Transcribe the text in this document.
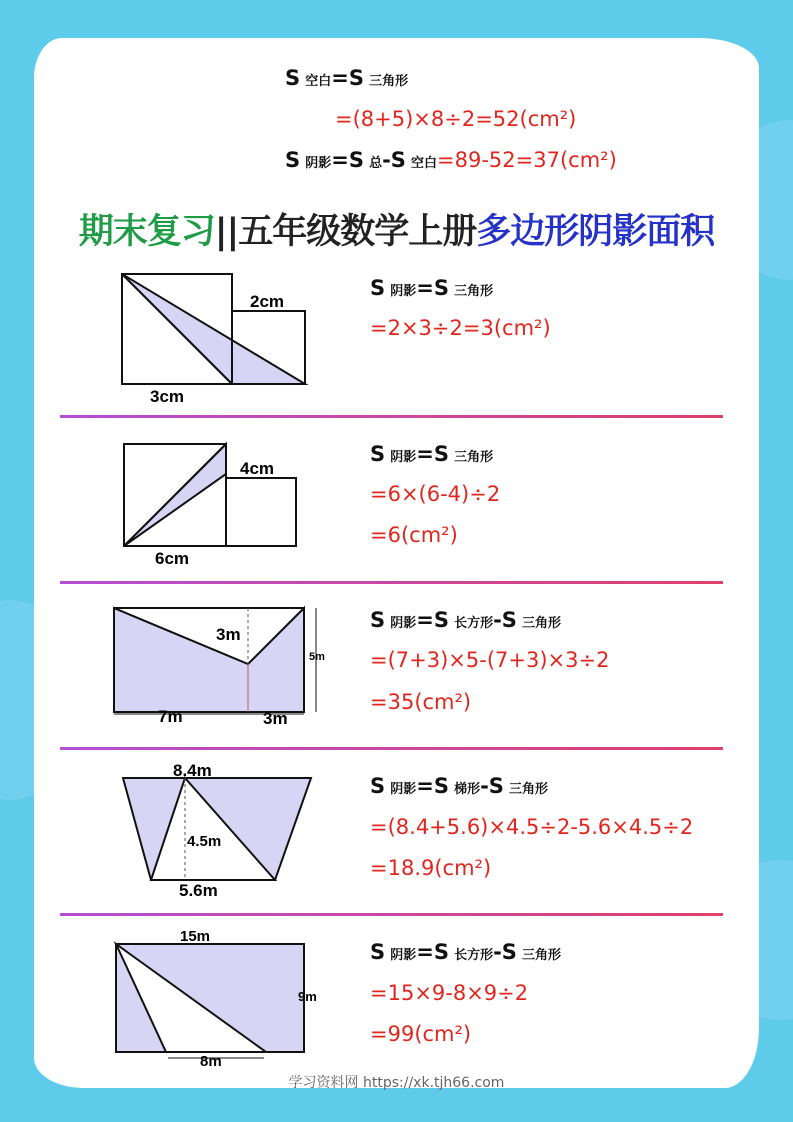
S 空白=S 三角形
=(8+5)×8÷2=52(cm²)
S 阴影=S 总-S 空白=89-52=37(cm²)
期末复习||五年级数学上册多边形阴影面积
2cm
3cm
S 阴影=S 三角形
=2×3÷2=3(cm²)
4cm
6cm
S 阴影=S 三角形
=6×(6-4)÷2
=6(cm²)
3m
5m
7m	3m
S 阴影=S 长方形-S 三角形
=(7+3)×5-(7+3)×3÷2
=35(cm²)
8.4m
4.5m
5.6m
S 阴影=S 梯形-S 三角形
=(8.4+5.6)×4.5÷2-5.6×4.5÷2
=18.9(cm²)
15m
9m
8m
S 阴影=S 长方形-S 三角形
=15×9-8×9÷2
=99(cm²)
学习资料网 https://xk.tjh66.com
